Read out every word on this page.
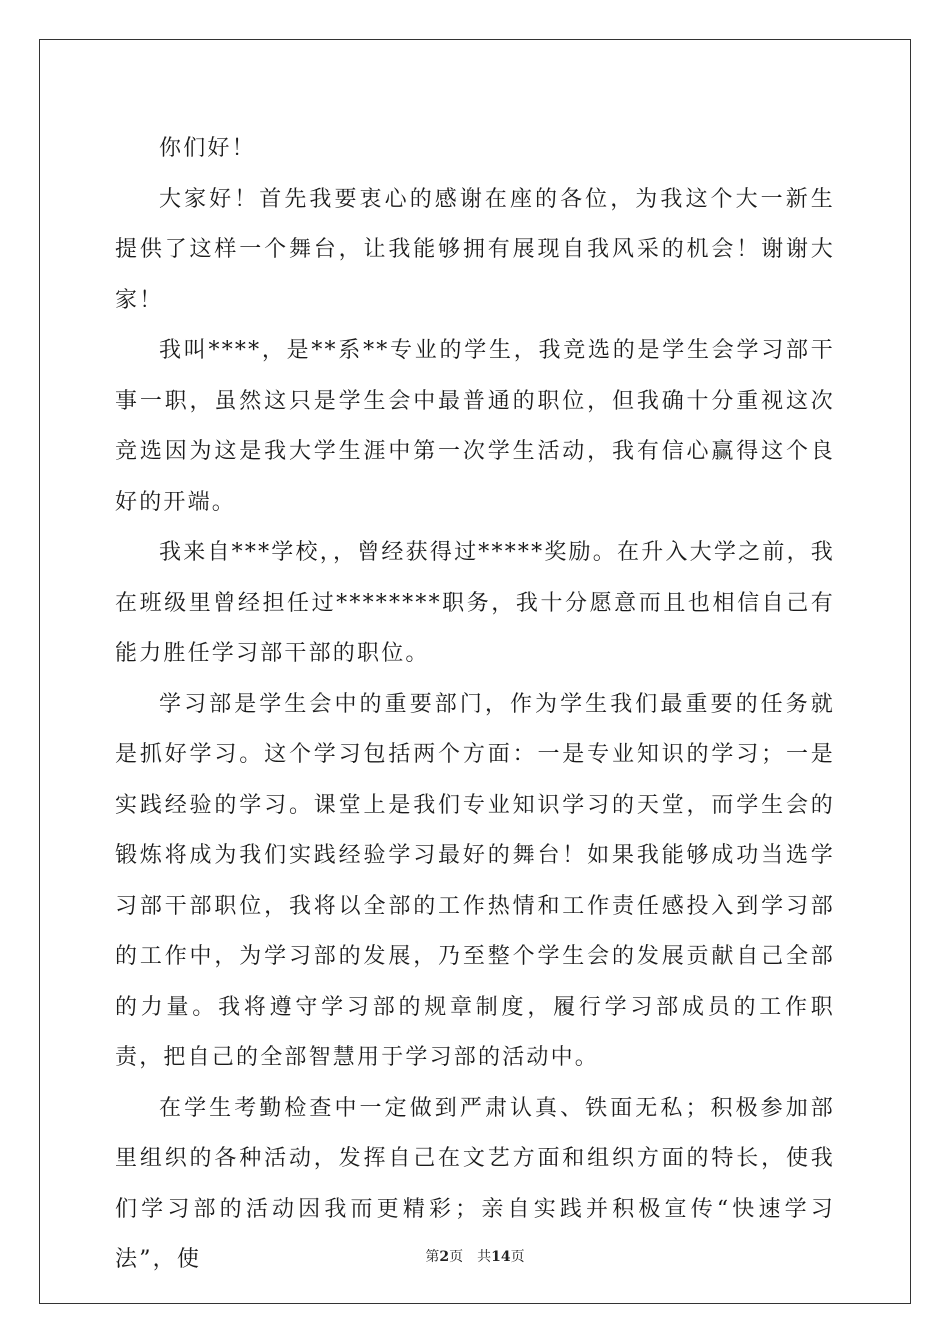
你们好！

大家好！首先我要衷心的感谢在座的各位，为我这个大一新生提供了这样一个舞台，让我能够拥有展现自我风采的机会！谢谢大家！

我叫****，是**系**专业的学生，我竞选的是学生会学习部干事一职，虽然这只是学生会中最普通的职位，但我确十分重视这次竞选因为这是我大学生涯中第一次学生活动，我有信心赢得这个良好的开端。

我来自***学校，，曾经获得过*****奖励。在升入大学之前，我在班级里曾经担任过********职务，我十分愿意而且也相信自己有能力胜任学习部干部的职位。

学习部是学生会中的重要部门，作为学生我们最重要的任务就是抓好学习。这个学习包括两个方面：一是专业知识的学习；一是实践经验的学习。课堂上是我们专业知识学习的天堂，而学生会的锻炼将成为我们实践经验学习最好的舞台！如果我能够成功当选学习部干部职位，我将以全部的工作热情和工作责任感投入到学习部的工作中，为学习部的发展，乃至整个学生会的发展贡献自己全部的力量。我将遵守学习部的规章制度，履行学习部成员的工作职责，把自己的全部智慧用于学习部的活动中。

在学生考勤检查中一定做到严肃认真、铁面无私；积极参加部里组织的各种活动，发挥自己在文艺方面和组织方面的特长，使我们学习部的活动因我而更精彩；亲自实践并积极宣传“快速学习法”，使	第2页 共14页
